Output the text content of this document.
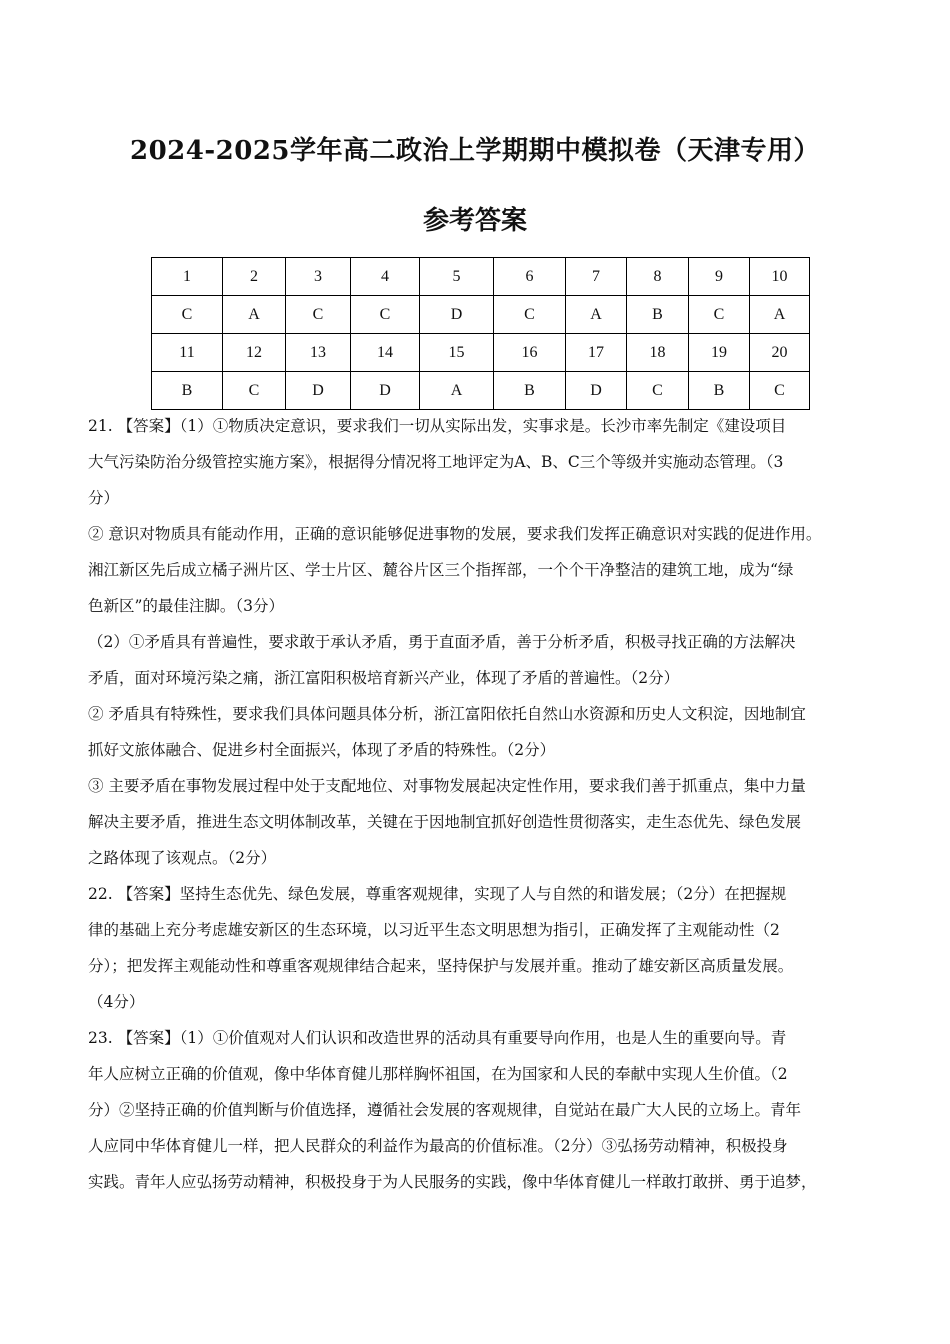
2024-2025学年高二政治上学期期中模拟卷（天津专用）
参考答案
1	2	3	4	5	6	7	8	9	10
C	A	C	C	D	C	A	B	C	A
11	12	13	14	15	16	17	18	19	20
B	C	D	D	A	B	D	C	B	C

21. 【答案】（1）①物质决定意识，要求我们一切从实际出发，实事求是。长沙市率先制定《建设项目

大气污染防治分级管控实施方案》，根据得分情况将工地评定为A、B、C三个等级并实施动态管理。（3

分）

② 意识对物质具有能动作用，正确的意识能够促进事物的发展，要求我们发挥正确意识对实践的促进作用。

湘江新区先后成立橘子洲片区、学士片区、麓谷片区三个指挥部，一个个干净整洁的建筑工地，成为“绿

色新区”的最佳注脚。（3分）

（2）①矛盾具有普遍性，要求敢于承认矛盾，勇于直面矛盾，善于分析矛盾，积极寻找正确的方法解决

矛盾，面对环境污染之痛，浙江富阳积极培育新兴产业，体现了矛盾的普遍性。（2分）

② 矛盾具有特殊性，要求我们具体问题具体分析，浙江富阳依托自然山水资源和历史人文积淀，因地制宜

抓好文旅体融合、促进乡村全面振兴，体现了矛盾的特殊性。（2分）

③ 主要矛盾在事物发展过程中处于支配地位、对事物发展起决定性作用，要求我们善于抓重点，集中力量

解决主要矛盾，推进生态文明体制改革，关键在于因地制宜抓好创造性贯彻落实，走生态优先、绿色发展

之路体现了该观点。（2分）

22. 【答案】坚持生态优先、绿色发展，尊重客观规律，实现了人与自然的和谐发展；（2分）在把握规

律的基础上充分考虑雄安新区的生态环境，以习近平生态文明思想为指引，正确发挥了主观能动性（2

分）；把发挥主观能动性和尊重客观规律结合起来，坚持保护与发展并重。推动了雄安新区高质量发展。

（4分）

23. 【答案】（1）①价值观对人们认识和改造世界的活动具有重要导向作用，也是人生的重要向导。青

年人应树立正确的价值观，像中华体育健儿那样胸怀祖国，在为国家和人民的奉献中实现人生价值。（2

分）②坚持正确的价值判断与价值选择，遵循社会发展的客观规律，自觉站在最广大人民的立场上。青年

人应同中华体育健儿一样，把人民群众的利益作为最高的价值标准。（2分）③弘扬劳动精神，积极投身

实践。青年人应弘扬劳动精神，积极投身于为人民服务的实践，像中华体育健儿一样敢打敢拼、勇于追梦，
